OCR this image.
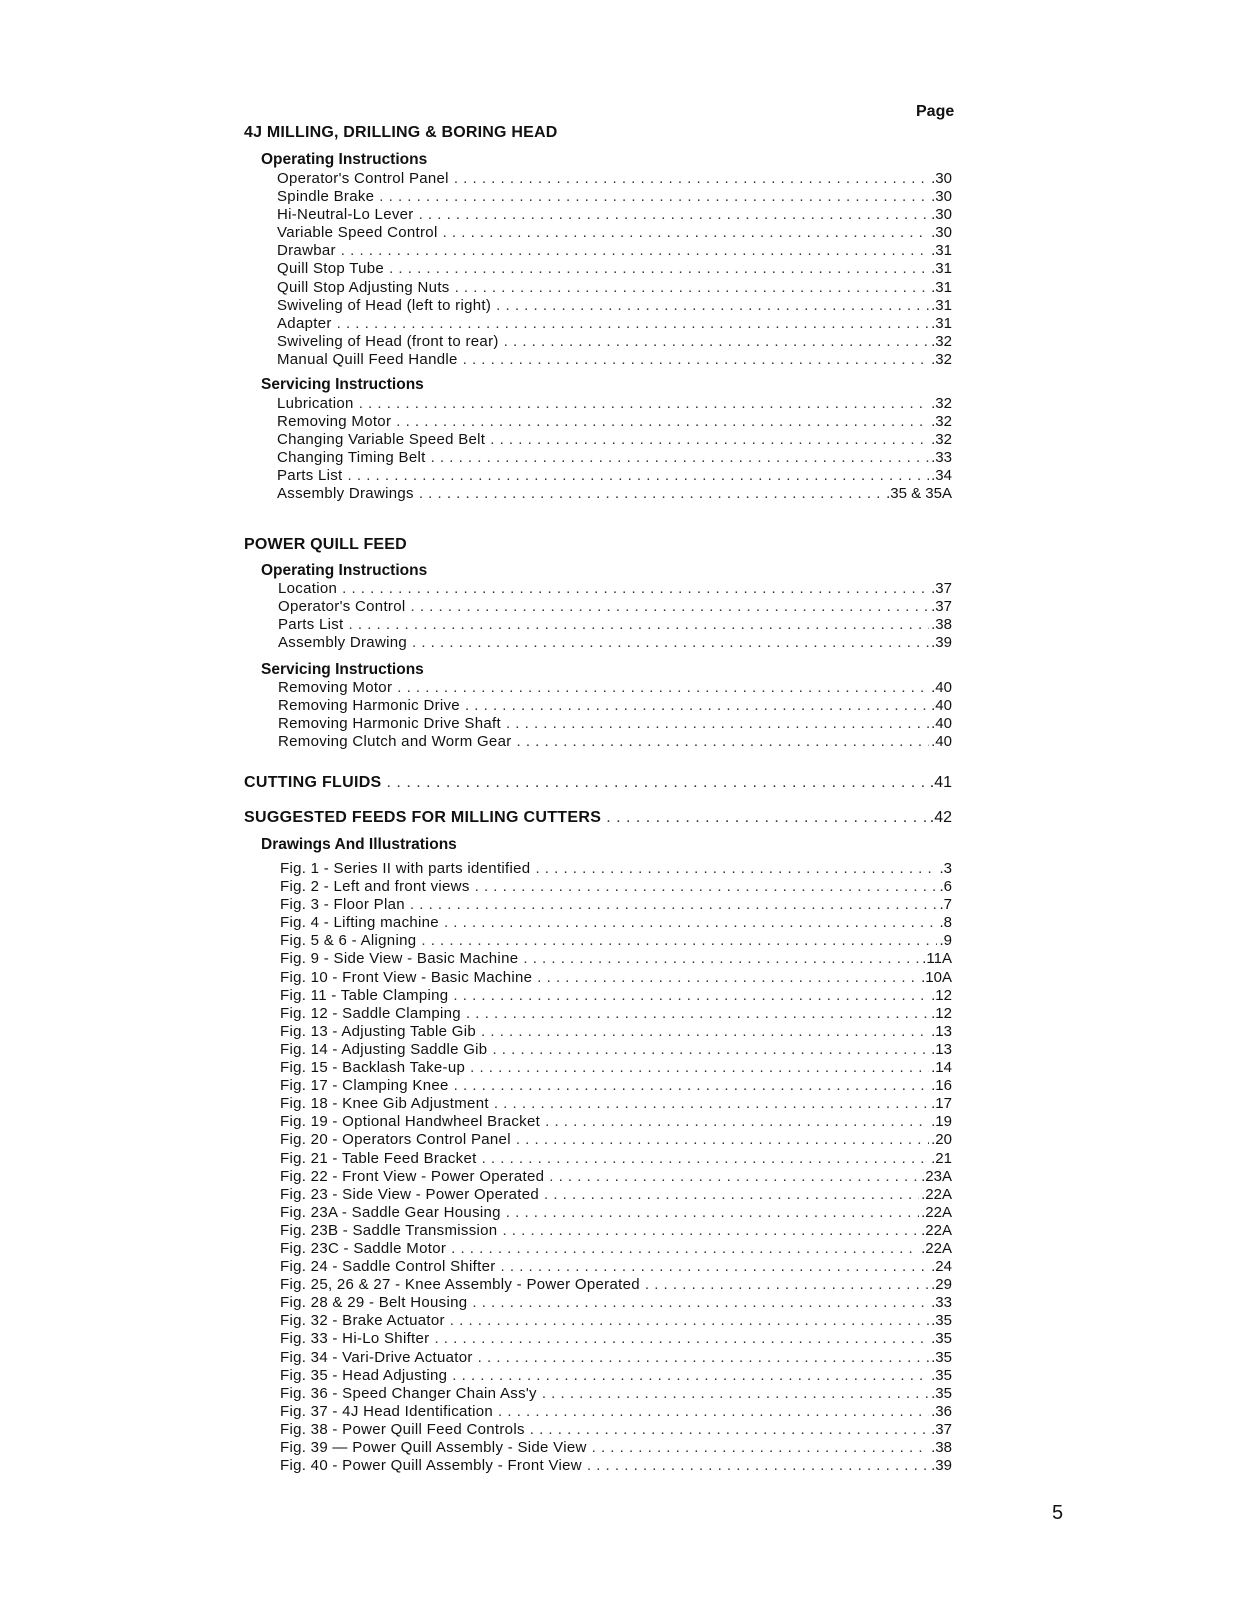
Page
4J MILLING, DRILLING & BORING HEAD
Operating Instructions
Operator's Control Panel . . .	.30
Spindle Brake . . .	.30
Hi-Neutral-Lo Lever . . .	.30
Variable Speed Control . . .	.30
Drawbar . . .	.31
Quill Stop Tube . . .	.31
Quill Stop Adjusting Nuts . . .	.31
Swiveling of Head (left to right) . . .	.31
Adapter . . .	.31
Swiveling of Head (front to rear) . . .	.32
Manual Quill Feed Handle . . .	.32
Servicing Instructions
Lubrication . . .	.32
Removing Motor . . .	.32
Changing Variable Speed Belt . . .	.32
Changing Timing Belt . . .	.33
Parts List . . .	.34
Assembly Drawings . . .	.35 & 35A
POWER QUILL FEED
Operating Instructions
Location . . .	.37
Operator's Control . . .	.37
Parts List . . .	.38
Assembly Drawing . . .	.39
Servicing Instructions
Removing Motor . . .	.40
Removing Harmonic Drive . . .	.40
Removing Harmonic Drive Shaft . . .	.40
Removing Clutch and Worm Gear . . .	.40
CUTTING FLUIDS . . .	.41
SUGGESTED FEEDS FOR MILLING CUTTERS . . .	.42
Drawings And Illustrations
Fig. 1 - Series II with parts identified . . .	.3
Fig. 2 - Left and front views . . .	.6
Fig. 3 - Floor Plan . . .	.7
Fig. 4 - Lifting machine . . .	.8
Fig. 5 & 6 - Aligning . . .	.9
Fig. 9 - Side View - Basic Machine . . .	.11A
Fig. 10 - Front View - Basic Machine . . .	.10A
Fig. 11 - Table Clamping . . .	.12
Fig. 12 - Saddle Clamping . . .	.12
Fig. 13 - Adjusting Table Gib . . .	.13
Fig. 14 - Adjusting Saddle Gib . . .	.13
Fig. 15 - Backlash Take-up . . .	.14
Fig. 17 - Clamping Knee . . .	.16
Fig. 18 - Knee Gib Adjustment . . .	.17
Fig. 19 - Optional Handwheel Bracket . . .	.19
Fig. 20 - Operators Control Panel . . .	.20
Fig. 21 - Table Feed Bracket . . .	.21
Fig. 22 - Front View - Power Operated . . .	.23A
Fig. 23 - Side View - Power Operated . . .	.22A
Fig. 23A - Saddle Gear Housing . . .	.22A
Fig. 23B - Saddle Transmission . . .	.22A
Fig. 23C - Saddle Motor . . .	.22A
Fig. 24 - Saddle Control Shifter . . .	.24
Fig. 25, 26 & 27 - Knee Assembly - Power Operated . . .	.29
Fig. 28 & 29 - Belt Housing . . .	.33
Fig. 32 - Brake Actuator . . .	.35
Fig. 33 - Hi-Lo Shifter . . .	.35
Fig. 34 - Vari-Drive Actuator . . .	.35
Fig. 35 - Head Adjusting . . .	.35
Fig. 36 - Speed Changer Chain Ass'y . . .	.35
Fig. 37 - 4J Head Identification . . .	.36
Fig. 38 - Power Quill Feed Controls . . .	.37
Fig. 39 — Power Quill Assembly - Side View . . .	.38
Fig. 40 - Power Quill Assembly - Front View . . .	.39
5
